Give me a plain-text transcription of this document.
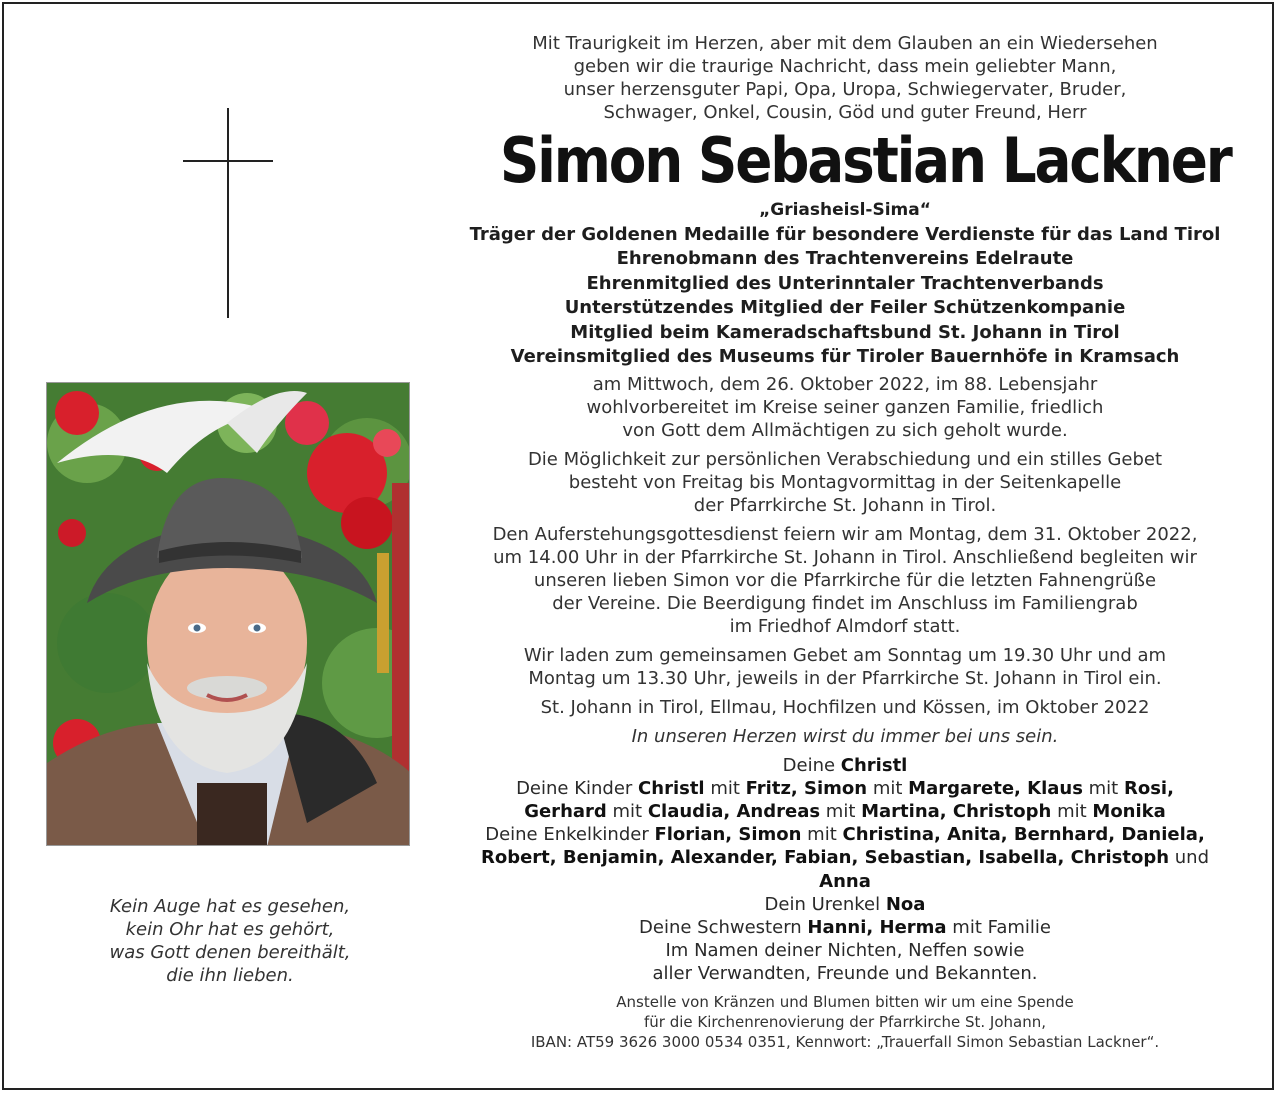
Kein Auge hat es gesehen,
kein Ohr hat es gehört,
was Gott denen bereithält,
die ihn lieben.
Mit Traurigkeit im Herzen, aber mit dem Glauben an ein Wiedersehen
geben wir die traurige Nachricht, dass mein geliebter Mann,
unser herzensguter Papi, Opa, Uropa, Schwiegervater, Bruder,
Schwager, Onkel, Cousin, Göd und guter Freund, Herr
Simon Sebastian Lackner
„Griasheisl-Sima“
Träger der Goldenen Medaille für besondere Verdienste für das Land Tirol
Ehrenobmann des Trachtenvereins Edelraute
Ehrenmitglied des Unterinntaler Trachtenverbands
Unterstützendes Mitglied der Feiler Schützenkompanie
Mitglied beim Kameradschaftsbund St. Johann in Tirol
Vereinsmitglied des Museums für Tiroler Bauernhöfe in Kramsach
am Mittwoch, dem 26. Oktober 2022, im 88. Lebensjahr
wohlvorbereitet im Kreise seiner ganzen Familie, friedlich
von Gott dem Allmächtigen zu sich geholt wurde.
Die Möglichkeit zur persönlichen Verabschiedung und ein stilles Gebet
besteht von Freitag bis Montagvormittag in der Seitenkapelle
der Pfarrkirche St. Johann in Tirol.
Den Auferstehungsgottesdienst feiern wir am Montag, dem 31. Oktober 2022,
um 14.00 Uhr in der Pfarrkirche St. Johann in Tirol. Anschließend begleiten wir
unseren lieben Simon vor die Pfarrkirche für die letzten Fahnengrüße
der Vereine. Die Beerdigung findet im Anschluss im Familiengrab
im Friedhof Almdorf statt.
Wir laden zum gemeinsamen Gebet am Sonntag um 19.30 Uhr und am
Montag um 13.30 Uhr, jeweils in der Pfarrkirche St. Johann in Tirol ein.
St. Johann in Tirol, Ellmau, Hochfilzen und Kössen, im Oktober 2022
In unseren Herzen wirst du immer bei uns sein.
Deine Christl
Deine Kinder Christl mit Fritz, Simon mit Margarete, Klaus mit Rosi,
Gerhard mit Claudia, Andreas mit Martina, Christoph mit Monika
Deine Enkelkinder Florian, Simon mit Christina, Anita, Bernhard, Daniela,
Robert, Benjamin, Alexander, Fabian, Sebastian, Isabella, Christoph und Anna
Dein Urenkel Noa
Deine Schwestern Hanni, Herma mit Familie
Im Namen deiner Nichten, Neffen sowie
aller Verwandten, Freunde und Bekannten.
Anstelle von Kränzen und Blumen bitten wir um eine Spende
für die Kirchenrenovierung der Pfarrkirche St. Johann,
IBAN: AT59 3626 3000 0534 0351, Kennwort: „Trauerfall Simon Sebastian Lackner“.
